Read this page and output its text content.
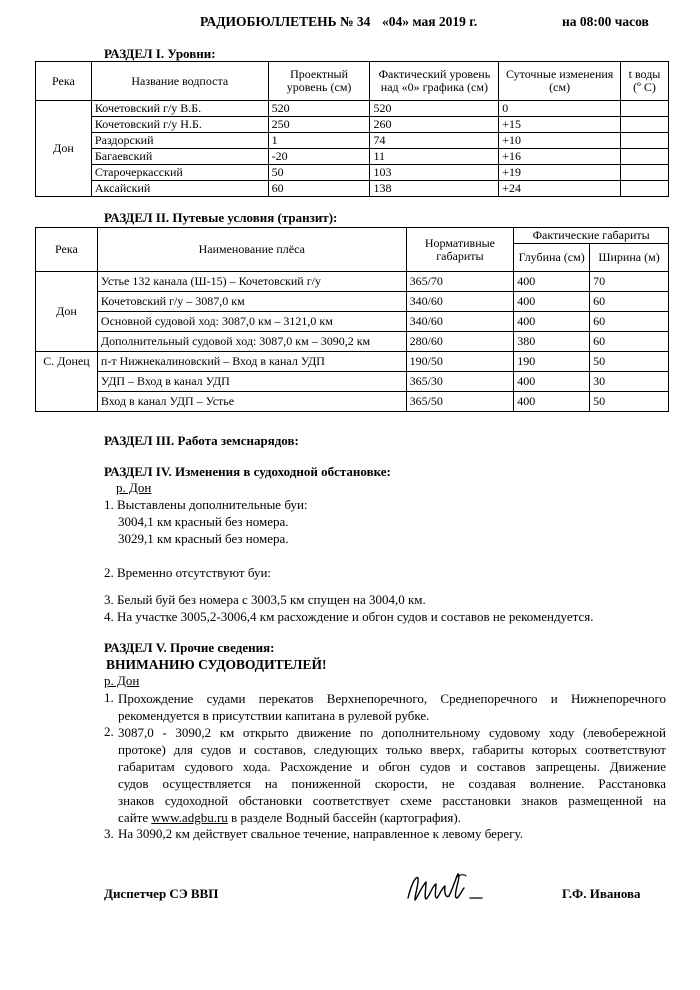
РАДИОБЮЛЛЕТЕНЬ № 34 «04» мая 2019 г.	на 08:00 часов
РАЗДЕЛ I. Уровни:
Река	Название водпоста	Проектный уровень (см)	Фактический уровень над «0» графика (см)	Суточные изменения (см)	t воды (º С)
Дон	Кочетовский г/у В.Б.	520	520	0	
	Кочетовский г/у Н.Б.	250	260	+15	
	Раздорский	1	74	+10	
	Багаевский	-20	11	+16	
	Старочеркасский	50	103	+19	
	Аксайский	60	138	+24	
РАЗДЕЛ II. Путевые условия (транзит):
Река	Наименование плёса	Нормативные габариты	Фактические габариты	
			Глубина (см)	Ширина (м)
Дон	Устье 132 канала (Ш-15) – Кочетовский г/у	365/70	400	70
	Кочетовский г/у – 3087,0 км	340/60	400	60
	Основной судовой ход: 3087,0 км – 3121,0 км	340/60	400	60
	Дополнительный судовой ход: 3087,0 км – 3090,2 км	280/60	380	60
С. Донец	п-т Нижнекалиновский – Вход в канал УДП	190/50	190	50
	УДП – Вход в канал УДП	365/30	400	30
	Вход в канал УДП – Устье	365/50	400	50
РАЗДЕЛ III. Работа земснарядов:
РАЗДЕЛ IV. Изменения в судоходной обстановке:
р. Дон
1. Выставлены дополнительные буи:
3004,1 км красный без номера.
3029,1 км красный без номера.
2. Временно отсутствуют буи:
3. Белый буй без номера с 3003,5 км спущен на 3004,0 км.
4. На участке 3005,2-3006,4 км расхождение и обгон судов и составов не рекомендуется.
РАЗДЕЛ V. Прочие сведения:
ВНИМАНИЮ СУДОВОДИТЕЛЕЙ!
р. Дон
1. Прохождение судами перекатов Верхнепоречного, Среднепоречного и Нижнепоречного
рекомендуется в присутствии капитана в рулевой рубке.
2. 3087,0 - 3090,2 км открыто движение по дополнительному судовому ходу (левобережной
протоке) для судов и составов, следующих только вверх, габариты которых соответствуют
габаритам судового хода. Расхождение и обгон судов и составов запрещены. Движение
судов осуществляется на пониженной скорости, не создавая волнение. Расстановка
знаков судоходной обстановки соответствует схеме расстановки знаков размещенной на
сайте www.adgbu.ru в разделе Водный бассейн (картография).
3. На 3090,2 км действует свальное течение, направленное к левому берегу.
Диспетчер СЭ ВВП	Г.Ф. Иванова
